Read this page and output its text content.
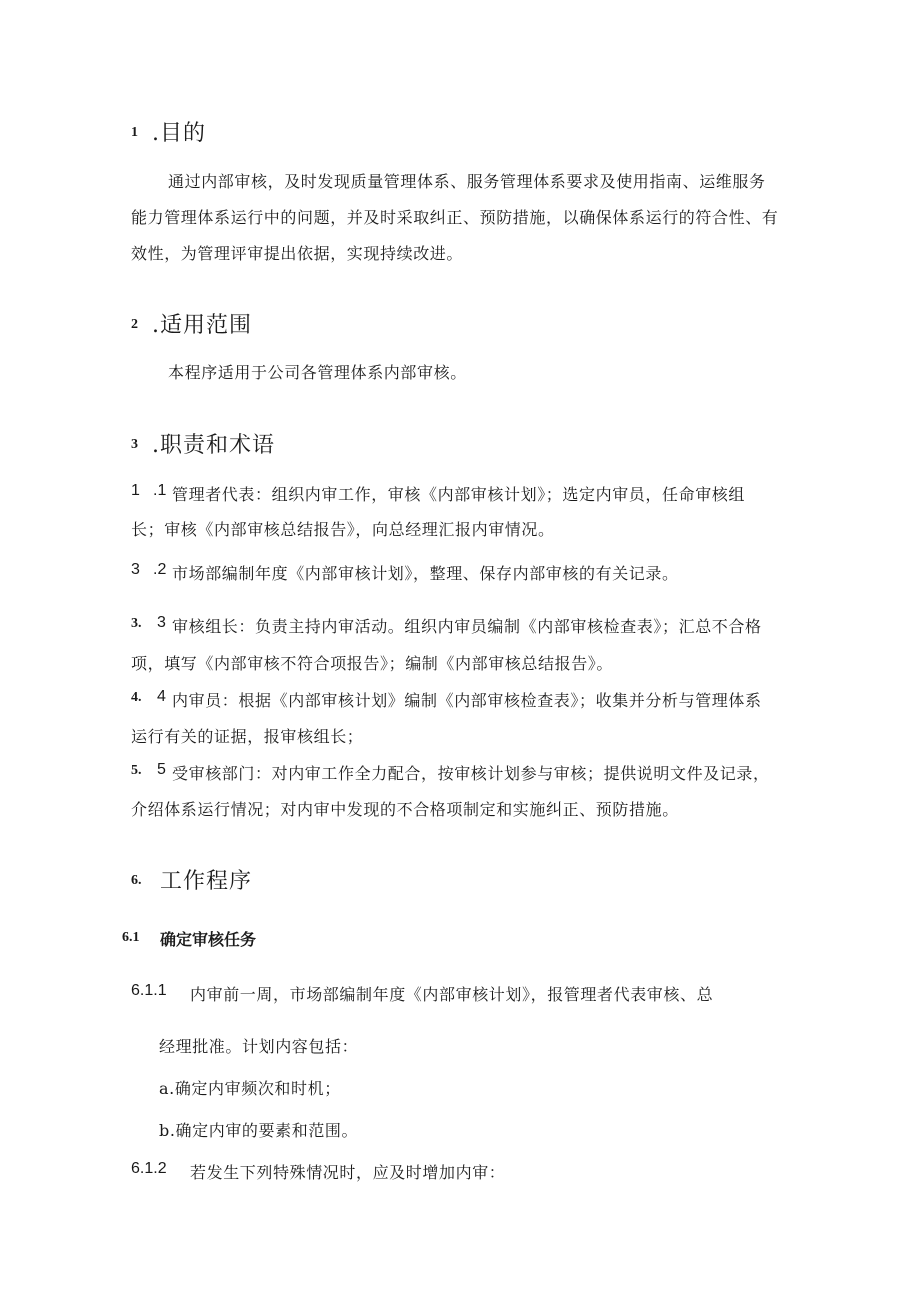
1 .目的
通过内部审核，及时发现质量管理体系、服务管理体系要求及使用指南、运维服务
能力管理体系运行中的问题，并及时采取纠正、预防措施，以确保体系运行的符合性、有
效性，为管理评审提出依据，实现持续改进。
2 .适用范围
本程序适用于公司各管理体系内部审核。
3 .职责和术语
1 .1 管理者代表：组织内审工作，审核《内部审核计划》；选定内审员，任命审核组
长；审核《内部审核总结报告》，向总经理汇报内审情况。
3 .2 市场部编制年度《内部审核计划》，整理、保存内部审核的有关记录。
3. 3 审核组长：负责主持内审活动。组织内审员编制《内部审核检查表》；汇总不合格
项，填写《内部审核不符合项报告》；编制《内部审核总结报告》。
4. 4 内审员：根据《内部审核计划》编制《内部审核检查表》；收集并分析与管理体系
运行有关的证据，报审核组长；
5. 5 受审核部门：对内审工作全力配合，按审核计划参与审核；提供说明文件及记录，
介绍体系运行情况；对内审中发现的不合格项制定和实施纠正、预防措施。
6. 工作程序
6.1 确定审核任务
6.1.1 内审前一周，市场部编制年度《内部审核计划》，报管理者代表审核、总
经理批准。计划内容包括：
a.确定内审频次和时机；
b.确定内审的要素和范围。
6.1.2 若发生下列特殊情况时，应及时增加内审：
